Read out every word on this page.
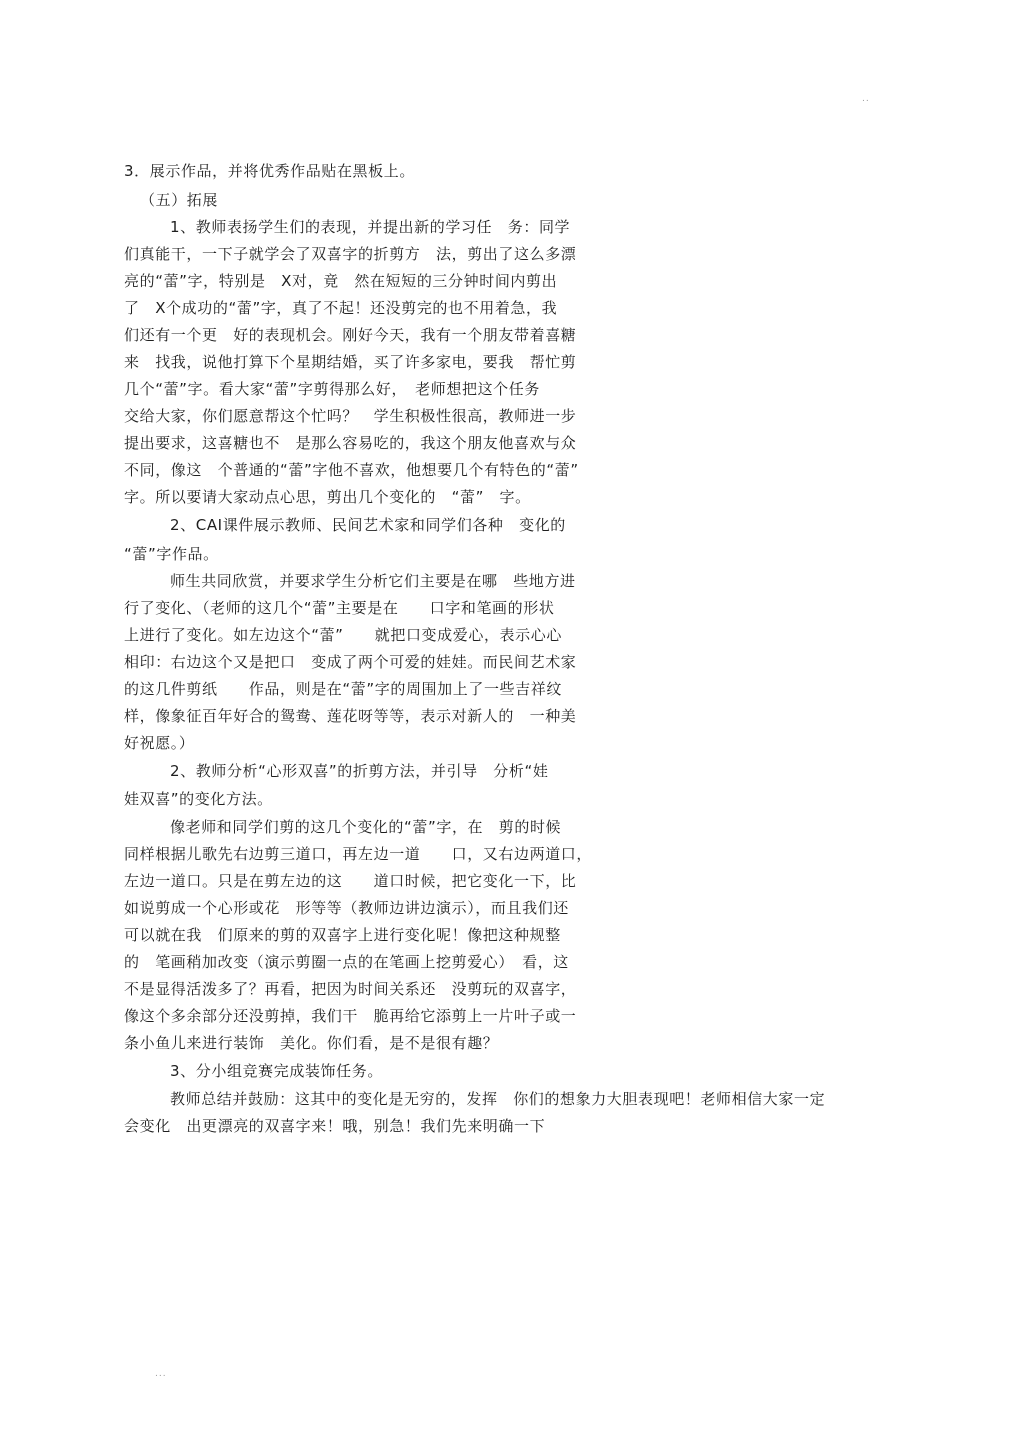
..
3．展示作品，并将优秀作品贴在黑板上。
（五）拓展
1、教师表扬学生们的表现，并提出新的学习任　务：同学
们真能干，一下子就学会了双喜字的折剪方　法，剪出了这么多漂
亮的“蕾”字，特别是　X对，竟　然在短短的三分钟时间内剪出
了　X个成功的“蕾”字，真了不起！还没剪完的也不用着急，我
们还有一个更　好的表现机会。刚好今天，我有一个朋友带着喜糖
来　找我，说他打算下个星期结婚，买了许多家电，要我　帮忙剪
几个“蕾”字。看大家“蕾”字剪得那么好，　老师想把这个任务
交给大家，你们愿意帮这个忙吗？　学生积极性很高，教师进一步
提出要求，这喜糖也不　是那么容易吃的，我这个朋友他喜欢与众
不同，像这　个普通的“蕾”字他不喜欢，他想要几个有特色的“蕾”
字。所以要请大家动点心思，剪出几个变化的　“蕾”　字。
2、CAI课件展示教师、民间艺术家和同学们各种　变化的
“蕾”字作品。
师生共同欣赏，并要求学生分析它们主要是在哪　些地方进
行了变化、（老师的这几个“蕾”主要是在　　口字和笔画的形状
上进行了变化。如左边这个“蕾”　　就把口变成爱心，表示心心
相印：右边这个又是把口　变成了两个可爱的娃娃。而民间艺术家
的这几件剪纸　　作品，则是在“蕾”字的周围加上了一些吉祥纹
样，像象征百年好合的鸳鸯、莲花呀等等，表示对新人的　一种美
好祝愿。）
2、教师分析“心形双喜”的折剪方法，并引导　分析“娃
娃双喜”的变化方法。
像老师和同学们剪的这几个变化的“蕾”字，在　剪的时候
同样根据儿歌先右边剪三道口，再左边一道　　口，又右边两道口，
左边一道口。只是在剪左边的这　　道口时候，把它变化一下，比
如说剪成一个心形或花　形等等（教师边讲边演示），而且我们还
可以就在我　们原来的剪的双喜字上进行变化呢！像把这种规整
的　笔画稍加改变（演示剪圈一点的在笔画上挖剪爱心）　看，这
不是显得活泼多了？再看，把因为时间关系还　没剪玩的双喜字，
像这个多余部分还没剪掉，我们干　脆再给它添剪上一片叶子或一
条小鱼儿来进行装饰　美化。你们看，是不是很有趣？
3、分小组竞赛完成装饰任务。
教师总结并鼓励：这其中的变化是无穷的，发挥　你们的想象力大胆表现吧！老师相信大家一定
会变化　出更漂亮的双喜字来！哦，别急！我们先来明确一下
...
